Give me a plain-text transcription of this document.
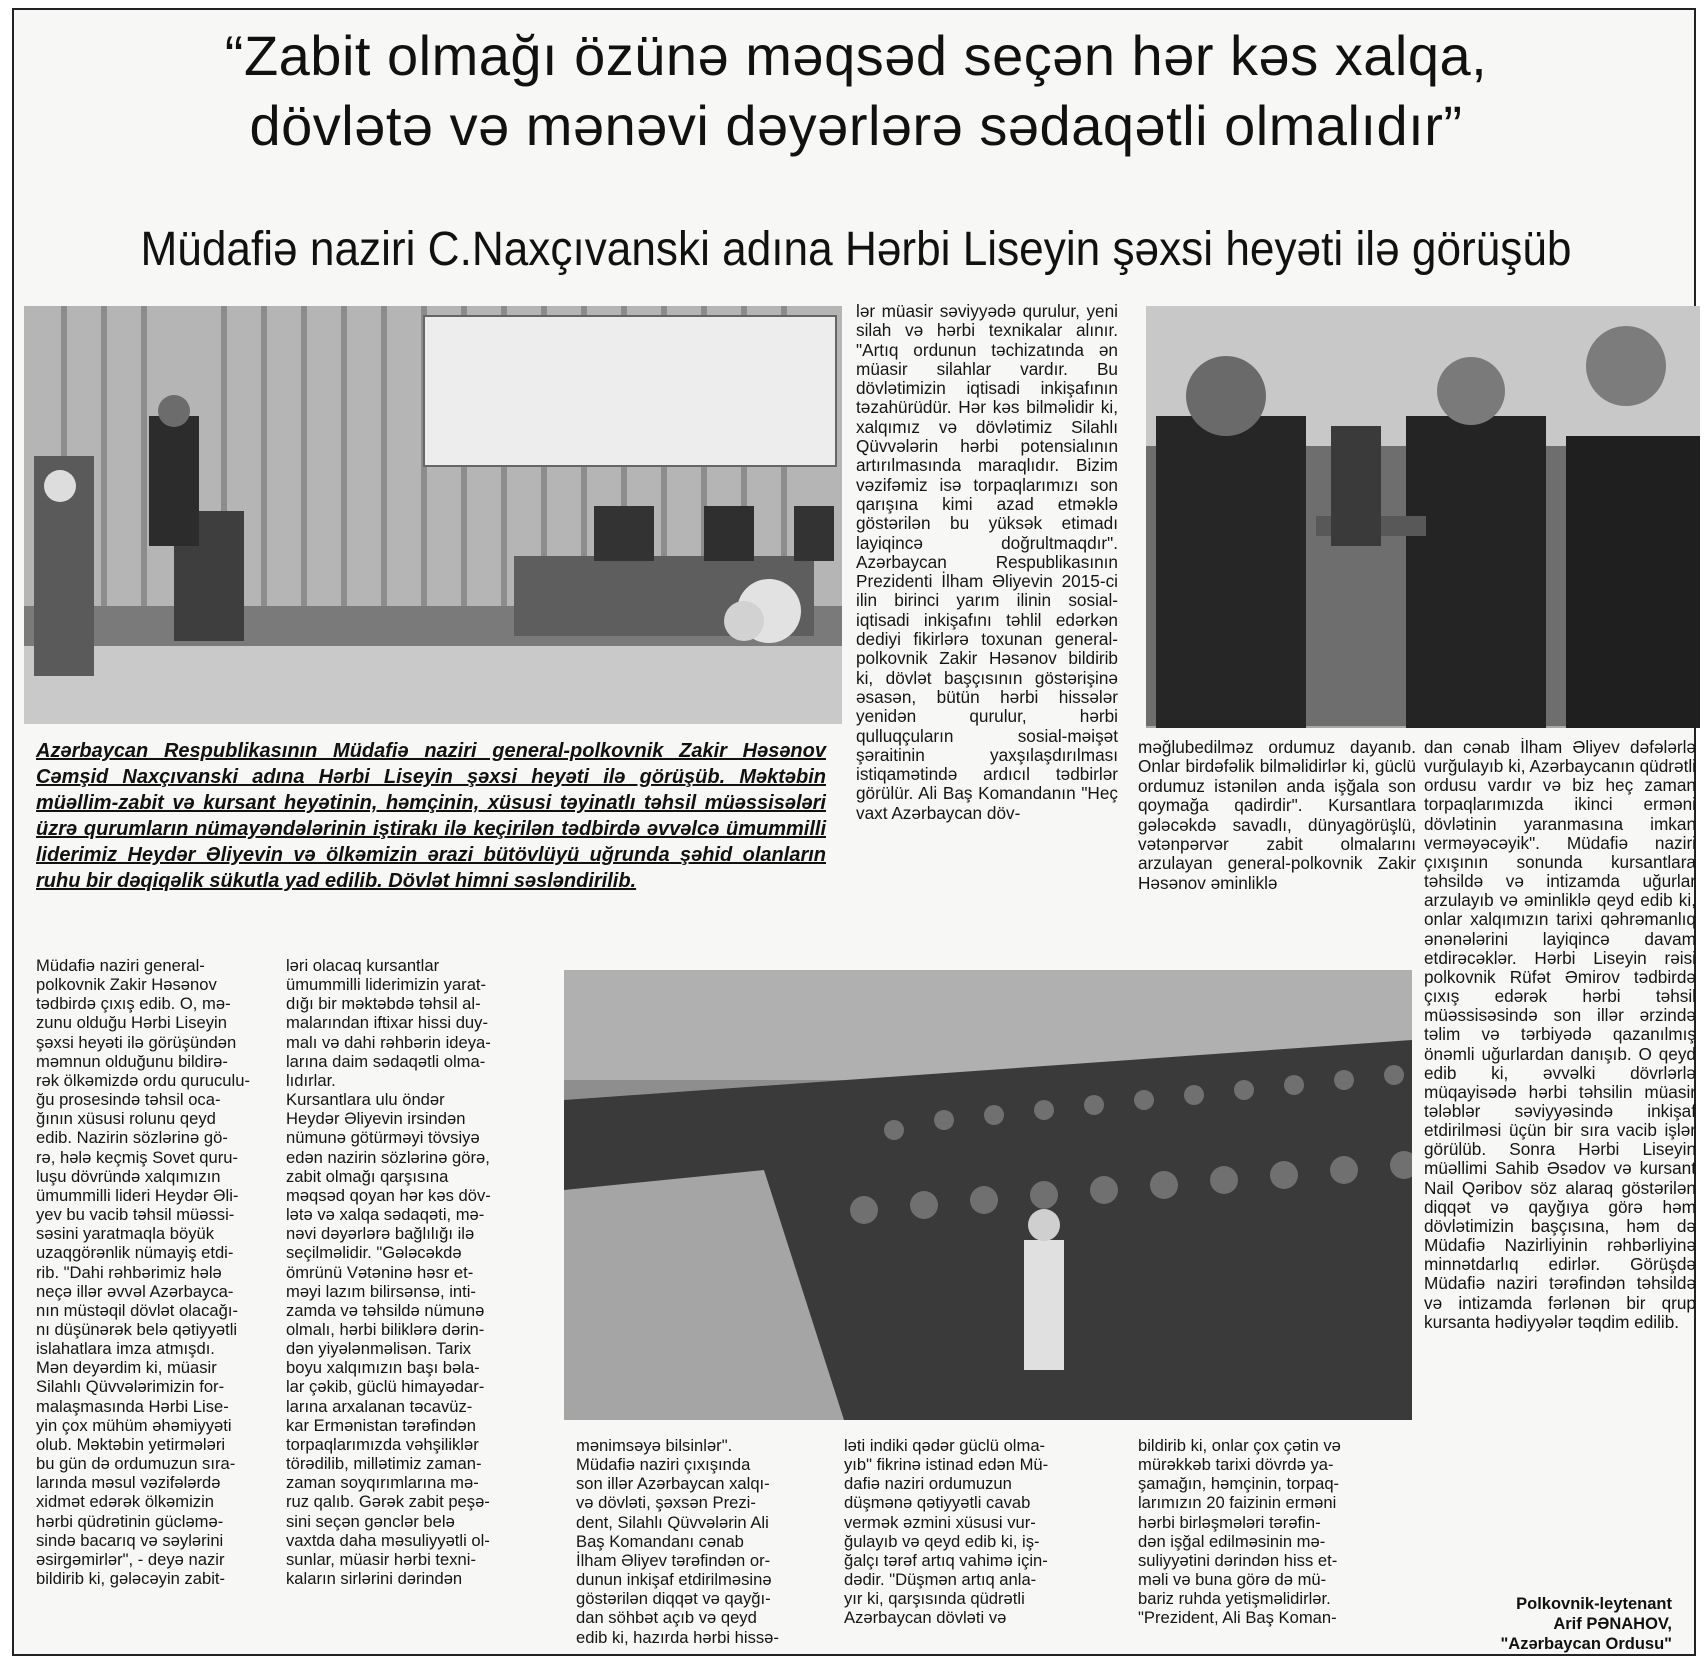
“Zabit olmağı özünə məqsəd seçən hər kəs xalqa,
dövlətə və mənəvi dəyərlərə sədaqətli olmalıdır”
Müdafiə naziri C.Naxçıvanski adına Hərbi Liseyin şəxsi heyəti ilə görüşüb
Azərbaycan Respublikasının Müdafiə naziri general-polkovnik Zakir Həsənov Cəmşid Naxçıvanski adına Hərbi Liseyin şəxsi heyəti ilə görüşüb. Məktəbin müəllim-zabit və kursant heyətinin, həmçinin, xüsusi təyinatlı təhsil müəssisələri üzrə qurumların nümayəndələrinin iştirakı ilə keçirilən tədbirdə əvvəlcə ümummilli liderimiz Heydər Əliyevin və ölkəmizin ərazi bütövlüyü uğrunda şəhid olanların ruhu bir dəqiqəlik sükutla yad edilib. Dövlət himni səsləndirilib.
lər müasir səviyyədə qurulur, yeni silah və hərbi texnikalar alınır. "Artıq ordunun təchizatında ən müasir silahlar vardır. Bu dövlətimizin iqtisadi inkişafının təzahürüdür. Hər kəs bilməlidir ki, xalqımız və dövlətimiz Silahlı Qüvvələrin hərbi potensialının artırılmasında maraqlıdır. Bizim vəzifəmiz isə torpaqlarımızı son qarışına kimi azad etməklə göstərilən bu yüksək etimadı layiqincə doğrultmaqdır". Azərbaycan Respublikasının Prezidenti İlham Əliyevin 2015-ci ilin birinci yarım ilinin sosial-iqtisadi inkişafını təhlil edərkən dediyi fikirlərə toxunan general-polkovnik Zakir Həsənov bildirib ki, dövlət başçısının göstərişinə əsasən, bütün hərbi hissələr yenidən qurulur, hərbi qulluqçuların sosial-məişət şəraitinin yaxşılaşdırılması istiqamətində ardıcıl tədbirlər görülür. Ali Baş Komandanın "Heç vaxt Azərbaycan döv-
məğlubedilməz ordumuz dayanıb. Onlar birdəfəlik bilməlidirlər ki, güclü ordumuz istənilən anda işğala son qoymağa qadirdir". Kursantlara gələcəkdə savadlı, dünyagörüşlü, vətənpərvər zabit olmalarını arzulayan general-polkovnik Zakir Həsənov əminliklə
dan cənab İlham Əliyev dəfələrlə vurğulayıb ki, Azərbaycanın qüdrətli ordusu vardır və biz heç zaman torpaqlarımızda ikinci erməni dövlətinin yaranmasına imkan verməyəcəyik". Müdafiə naziri çıxışının sonunda kursantlara təhsildə və intizamda uğurlar arzulayıb və əminliklə qeyd edib ki, onlar xalqımızın tarixi qəhrəmanlıq ənənələrini layiqincə davam etdirəcəklər. Hərbi Liseyin rəisi polkovnik Rüfət Əmirov tədbirdə çıxış edərək hərbi təhsil müəssisəsində son illər ərzində təlim və tərbiyədə qazanılmış önəmli uğurlardan danışıb. O qeyd edib ki, əvvəlki dövrlərlə müqayisədə hərbi təhsilin müasir tələblər səviyyəsində inkişaf etdirilməsi üçün bir sıra vacib işlər görülüb. Sonra Hərbi Liseyin müəllimi Sahib Əsədov və kursant Nail Qəribov söz alaraq göstərilən diqqət və qayğıya görə həm dövlətimizin başçısına, həm də Müdafiə Nazirliyinin rəhbərliyinə minnətdarlıq edirlər. Görüşdə Müdafiə naziri tərəfindən təhsildə və intizamda fərlənən bir qrup kursanta hədiyyələr təqdim edilib.
Müdafiə naziri general-
polkovnik Zakir Həsənov
tədbirdə çıxış edib. O, mə-
zunu olduğu Hərbi Liseyin
şəxsi heyəti ilə görüşündən
məmnun olduğunu bildirə-
rək ölkəmizdə ordu quruculu-
ğu prosesində təhsil oca-
ğının xüsusi rolunu qeyd
edib. Nazirin sözlərinə gö-
rə, hələ keçmiş Sovet quru-
luşu dövründə xalqımızın
ümummilli lideri Heydər Əli-
yev bu vacib təhsil müəssi-
səsini yaratmaqla böyük
uzaqgörənlik nümayiş etdi-
rib. "Dahi rəhbərimiz hələ
neçə illər əvvəl Azərbayca-
nın müstəqil dövlət olacağı-
nı düşünərək belə qətiyyətli
islahatlara imza atmışdı.
Mən deyərdim ki, müasir
Silahlı Qüvvələrimizin for-
malaşmasında Hərbi Lise-
yin çox mühüm əhəmiyyəti
olub. Məktəbin yetirmələri
bu gün də ordumuzun sıra-
larında məsul vəzifələrdə
xidmət edərək ölkəmizin
hərbi qüdrətinin gücləmə-
sində bacarıq və səylərini
əsirgəmirlər", - deyə nazir
bildirib ki, gələcəyin zabit-
ləri olacaq kursantlar
ümummilli liderimizin yarat-
dığı bir məktəbdə təhsil al-
malarından iftixar hissi duy-
malı və dahi rəhbərin ideya-
larına daim sədaqətli olma-
lıdırlar.
Kursantlara ulu öndər
Heydər Əliyevin irsindən
nümunə götürməyi tövsiyə
edən nazirin sözlərinə görə,
zabit olmağı qarşısına
məqsəd qoyan hər kəs döv-
lətə və xalqa sədaqəti, mə-
nəvi dəyərlərə bağlılığı ilə
seçilməlidir. "Gələcəkdə
ömrünü Vətəninə həsr et-
məyi lazım bilirsənsə, inti-
zamda və təhsildə nümunə
olmalı, hərbi biliklərə dərin-
dən yiyələnməlisən. Tarix
boyu xalqımızın başı bəla-
lar çəkib, güclü himayədar-
larına arxalanan təcavüz-
kar Ermənistan tərəfindən
torpaqlarımızda vəhşiliklər
törədilib, millətimiz zaman-
zaman soyqırımlarına mə-
ruz qalıb. Gərək zabit peşə-
sini seçən gənclər belə
vaxtda daha məsuliyyətli ol-
sunlar, müasir hərbi texni-
kaların sirlərini dərindən
mənimsəyə bilsinlər".
Müdafiə naziri çıxışında
son illər Azərbaycan xalqı-
və dövləti, şəxsən Prezi-
dent, Silahlı Qüvvələrin Ali
Baş Komandanı cənab
İlham Əliyev tərəfindən or-
dunun inkişaf etdirilməsinə
göstərilən diqqət və qayğı-
dan söhbət açıb və qeyd
edib ki, hazırda hərbi hissə-
ləti indiki qədər güclü olma-
yıb" fikrinə istinad edən Mü-
dafiə naziri ordumuzun
düşmənə qətiyyətli cavab
vermək əzmini xüsusi vur-
ğulayıb və qeyd edib ki, iş-
ğalçı tərəf artıq vahimə için-
dədir. "Düşmən artıq anla-
yır ki, qarşısında qüdrətli
Azərbaycan dövləti və
bildirib ki, onlar çox çətin və
mürəkkəb tarixi dövrdə ya-
şamağın, həmçinin, torpaq-
larımızın 20 faizinin erməni
hərbi birləşmələri tərəfin-
dən işğal edilməsinin mə-
suliyyətini dərindən hiss et-
məli və buna görə də mü-
bariz ruhda yetişməlidirlər.
"Prezident, Ali Baş Koman-
Polkovnik-leytenant
Arif PƏNAHOV,
"Azərbaycan Ordusu"
